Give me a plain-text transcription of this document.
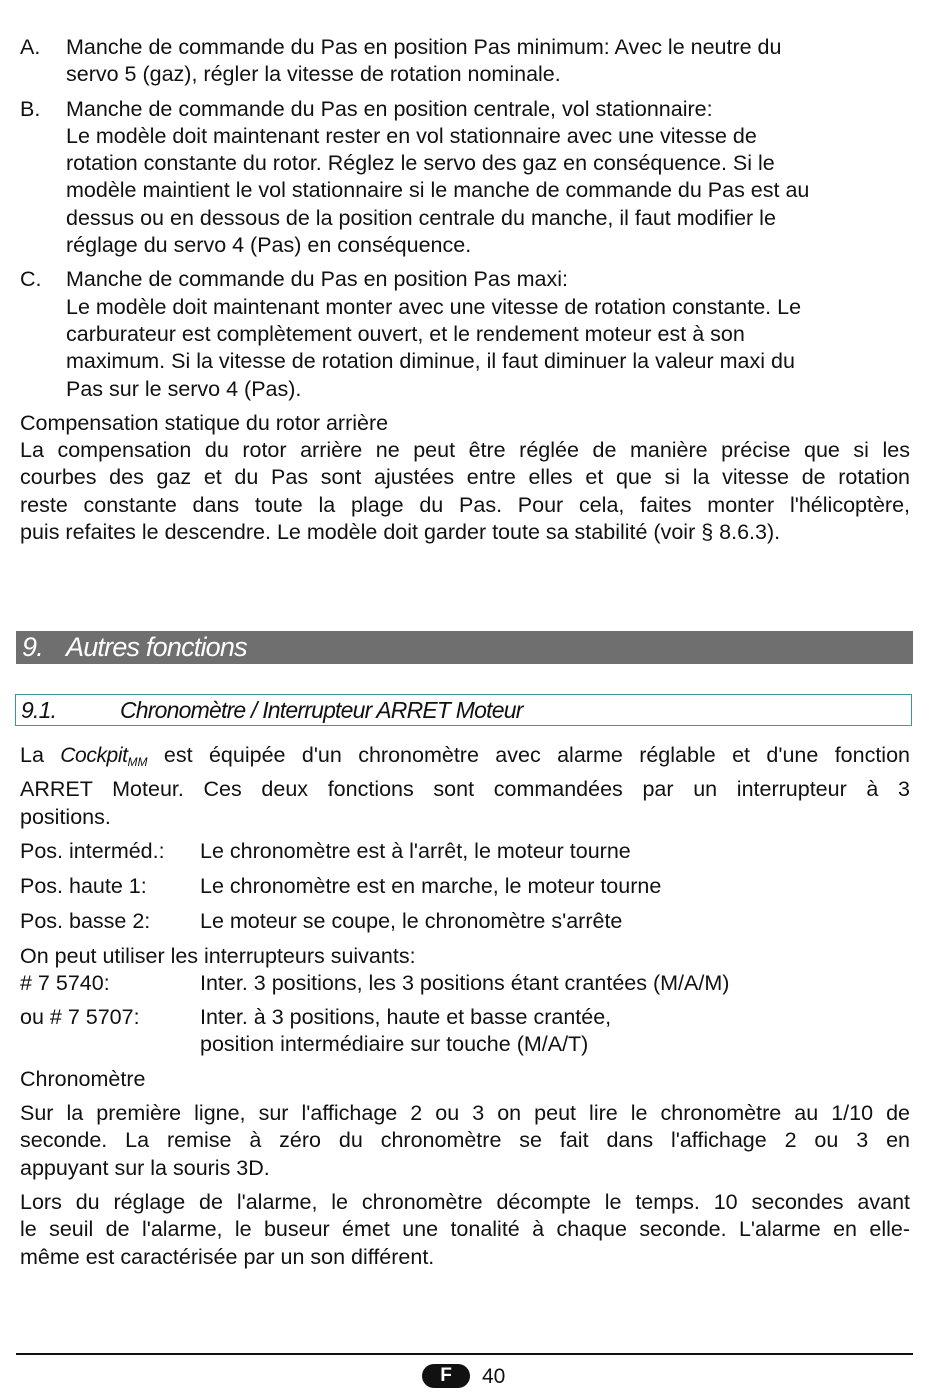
A.	Manche de commande du Pas en position Pas minimum: Avec le neutre du
servo 5 (gaz), régler la vitesse de rotation nominale.
B.	Manche de commande du Pas en position centrale, vol stationnaire:
Le modèle doit maintenant rester en vol stationnaire avec une vitesse de
rotation constante du rotor. Réglez le servo des gaz en conséquence. Si le
modèle maintient le vol stationnaire si le manche de commande du Pas est au
dessus ou en dessous de la position centrale du manche, il faut modifier le
réglage du servo 4 (Pas) en conséquence.
C.	Manche de commande du Pas en position Pas maxi:
Le modèle doit maintenant monter avec une vitesse de rotation constante. Le
carburateur est complètement ouvert, et le rendement moteur est à son
maximum. Si la vitesse de rotation diminue, il faut diminuer la valeur maxi du
Pas sur le servo 4 (Pas).
Compensation statique du rotor arrière
La compensation du rotor arrière ne peut être réglée de manière précise que si les
courbes des gaz et du Pas sont ajustées entre elles et que si la vitesse de rotation
reste constante dans toute la plage du Pas. Pour cela, faites monter l'hélicoptère,
puis refaites le descendre. Le modèle doit garder toute sa stabilité (voir § 8.6.3).
9. Autres fonctions
9.1.	Chronomètre / Interrupteur ARRET Moteur
La Cockpit$_{MM}$ est équipée d'un chronomètre avec alarme réglable et d'une fonction
ARRET Moteur. Ces deux fonctions sont commandées par un interrupteur à 3
positions.
Pos. interméd.:	Le chronomètre est à l'arrêt, le moteur tourne
Pos. haute 1:	Le chronomètre est en marche, le moteur tourne
Pos. basse 2:	Le moteur se coupe, le chronomètre s'arrête
On peut utiliser les interrupteurs suivants:
# 7 5740:	Inter. 3 positions, les 3 positions étant crantées (M/A/M)
ou # 7 5707:	Inter. à 3 positions, haute et basse crantée,
position intermédiaire sur touche (M/A/T)
Chronomètre
Sur la première ligne, sur l'affichage 2 ou 3 on peut lire le chronomètre au 1/10 de
seconde. La remise à zéro du chronomètre se fait dans l'affichage 2 ou 3 en
appuyant sur la souris 3D.
Lors du réglage de l'alarme, le chronomètre décompte le temps. 10 secondes avant
le seuil de l'alarme, le buseur émet une tonalité à chaque seconde. L'alarme en elle-
même est caractérisée par un son différent.
F	40
